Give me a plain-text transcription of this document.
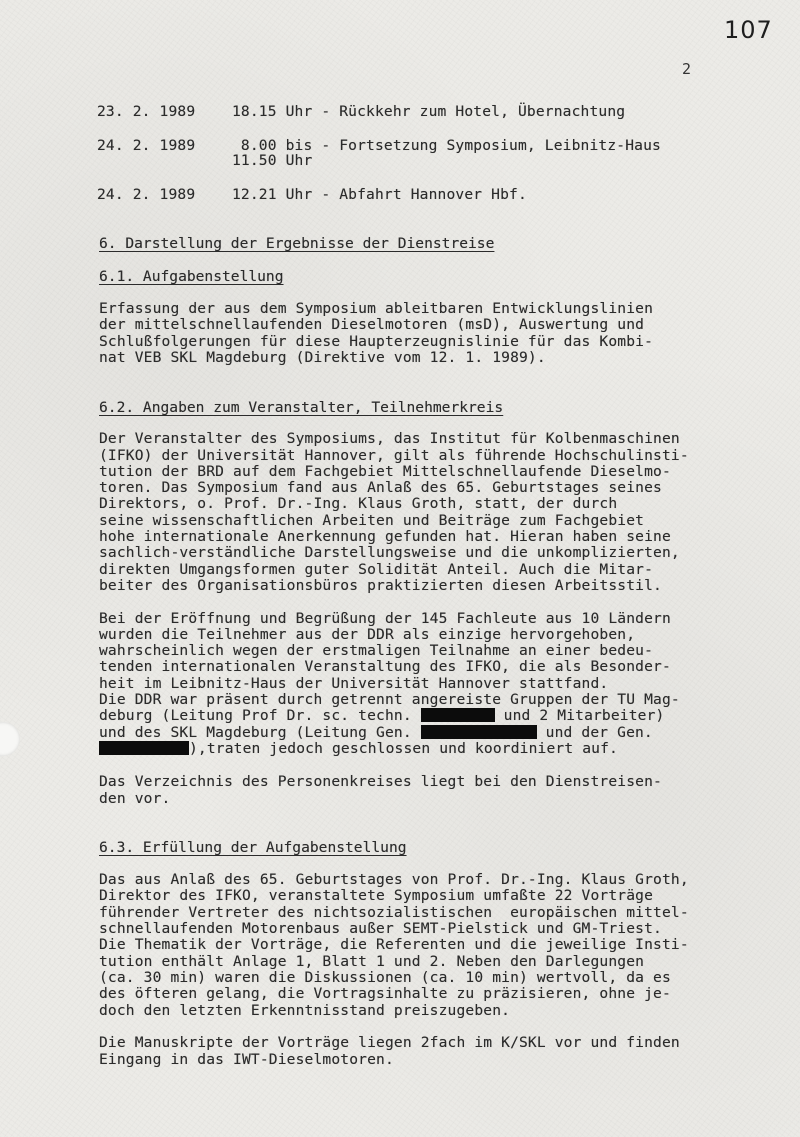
107
2
23. 2. 1989	18.15 Uhr - Rückkehr zum Hotel, Übernachtung
24. 2. 1989	8.00 bis - Fortsetzung Symposium, Leibnitz-Haus
11.50 Uhr
24. 2. 1989	12.21 Uhr - Abfahrt Hannover Hbf.
6. Darstellung der Ergebnisse der Dienstreise
6.1. Aufgabenstellung
Erfassung der aus dem Symposium ableitbaren Entwicklungslinien
der mittelschnellaufenden Dieselmotoren (msD), Auswertung und
Schlußfolgerungen für diese Haupterzeugnislinie für das Kombi-
nat VEB SKL Magdeburg (Direktive vom 12. 1. 1989).
6.2. Angaben zum Veranstalter, Teilnehmerkreis
Der Veranstalter des Symposiums, das Institut für Kolbenmaschinen
(IFKO) der Universität Hannover, gilt als führende Hochschulinsti-
tution der BRD auf dem Fachgebiet Mittelschnellaufende Dieselmo-
toren. Das Symposium fand aus Anlaß des 65. Geburtstages seines
Direktors, o. Prof. Dr.-Ing. Klaus Groth, statt, der durch
seine wissenschaftlichen Arbeiten und Beiträge zum Fachgebiet
hohe internationale Anerkennung gefunden hat. Hieran haben seine
sachlich-verständliche Darstellungsweise und die unkomplizierten,
direkten Umgangsformen guter Solidität Anteil. Auch die Mitar-
beiter des Organisationsbüros praktizierten diesen Arbeitsstil.
Bei der Eröffnung und Begrüßung der 145 Fachleute aus 10 Ländern
wurden die Teilnehmer aus der DDR als einzige hervorgehoben,
wahrscheinlich wegen der erstmaligen Teilnahme an einer bedeu-
tenden internationalen Veranstaltung des IFKO, die als Besonder-
heit im Leibnitz-Haus der Universität Hannover stattfand.
Die DDR war präsent durch getrennt angereiste Gruppen der TU Mag-
deburg (Leitung Prof Dr. sc. techn.	und 2 Mitarbeiter)
und des SKL Magdeburg (Leitung Gen.	und der Gen.
),traten jedoch geschlossen und koordiniert auf.
Das Verzeichnis des Personenkreises liegt bei den Dienstreisen-
den vor.
6.3. Erfüllung der Aufgabenstellung
Das aus Anlaß des 65. Geburtstages von Prof. Dr.-Ing. Klaus Groth,
Direktor des IFKO, veranstaltete Symposium umfaßte 22 Vorträge
führender Vertreter des nichtsozialistischen  europäischen mittel-
schnellaufenden Motorenbaus außer SEMT-Pielstick und GM-Triest.
Die Thematik der Vorträge, die Referenten und die jeweilige Insti-
tution enthält Anlage 1, Blatt 1 und 2. Neben den Darlegungen
(ca. 30 min) waren die Diskussionen (ca. 10 min) wertvoll, da es
des öfteren gelang, die Vortragsinhalte zu präzisieren, ohne je-
doch den letzten Erkenntnisstand preiszugeben.
Die Manuskripte der Vorträge liegen 2fach im K/SKL vor und finden
Eingang in das IWT-Dieselmotoren.
